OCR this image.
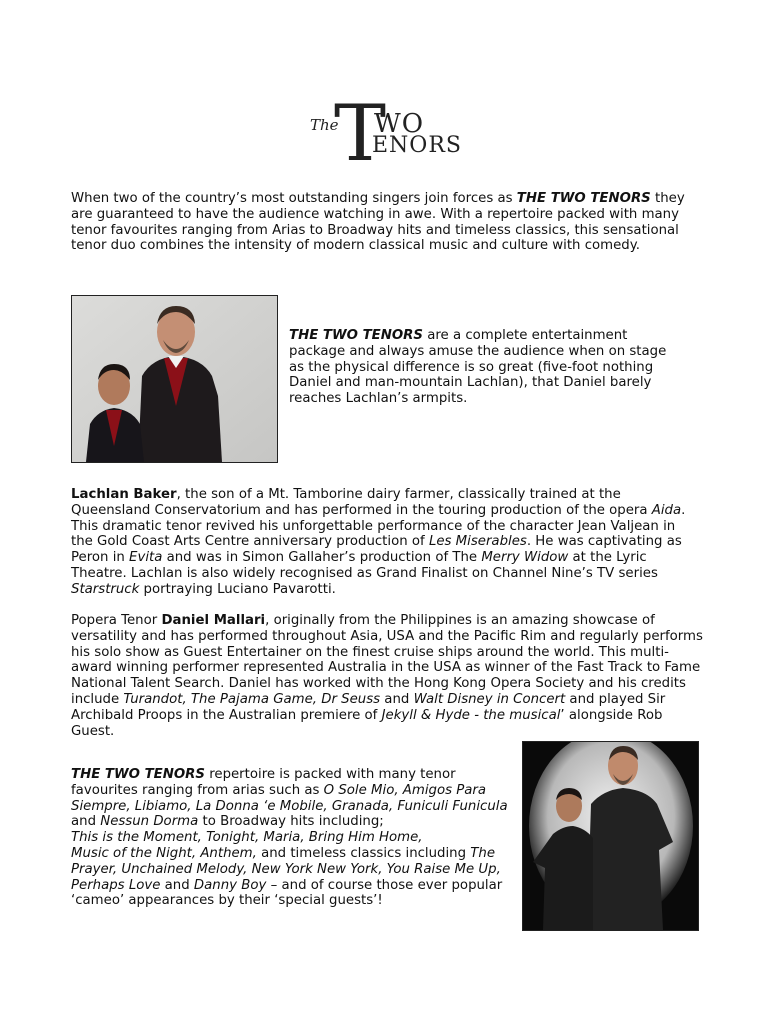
The
T
WO
ENORS

When two of the country’s most outstanding singers join forces as THE TWO TENORS they are guaranteed to have the audience watching in awe. With a repertoire packed with many tenor favourites ranging from Arias to Broadway hits and timeless classics, this sensational tenor duo combines the intensity of modern classical music and culture with comedy.

THE TWO TENORS are a complete entertainment package and always amuse the audience when on stage as the physical difference is so great (five-foot nothing Daniel and man-mountain Lachlan), that Daniel barely reaches Lachlan’s armpits.

Lachlan Baker, the son of a Mt. Tamborine dairy farmer, classically trained at the Queensland Conservatorium and has performed in the touring production of the opera Aida. This dramatic tenor revived his unforgettable performance of the character Jean Valjean in the Gold Coast Arts Centre anniversary production of Les Miserables. He was captivating as Peron in Evita and was in Simon Gallaher’s production of The Merry Widow at the Lyric Theatre. Lachlan is also widely recognised as Grand Finalist on Channel Nine’s TV series Starstruck portraying Luciano Pavarotti.

Popera Tenor Daniel Mallari, originally from the Philippines is an amazing showcase of versatility and has performed throughout Asia, USA and the Pacific Rim and regularly performs his solo show as Guest Entertainer on the finest cruise ships around the world. This multi-award winning performer represented Australia in the USA as winner of the Fast Track to Fame National Talent Search. Daniel has worked with the Hong Kong Opera Society and his credits include Turandot, The Pajama Game, Dr Seuss and Walt Disney in Concert and played Sir Archibald Proops in the Australian premiere of Jekyll & Hyde - the musical’ alongside Rob Guest.

THE TWO TENORS repertoire is packed with many tenor favourites ranging from arias such as O Sole Mio, Amigos Para Siempre, Libiamo, La Donna ‘e Mobile, Granada, Funiculi Funicula and Nessun Dorma to Broadway hits including;
This is the Moment, Tonight, Maria, Bring Him Home,
Music of the Night, Anthem, and timeless classics including The Prayer, Unchained Melody, New York New York, You Raise Me Up, Perhaps Love and Danny Boy – and of course those ever popular ‘cameo’ appearances by their ‘special guests’!
